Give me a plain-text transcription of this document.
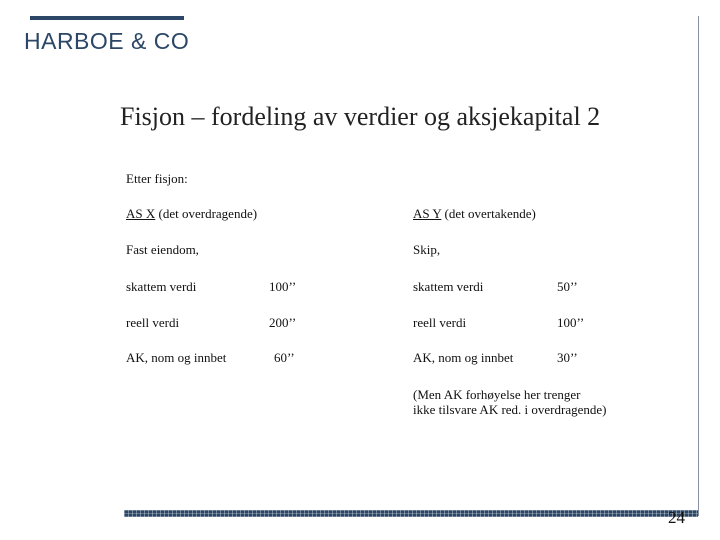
HARBOE & CO
Fisjon – fordeling av verdier og aksjekapital 2
Etter fisjon:
AS X (det overdragende)
Fast eiendom,
skattem verdi	100’’
reell verdi	200’’
AK, nom og innbet	60’’
AS Y (det overtakende)
Skip,
skattem verdi	50’’
reell verdi	100’’
AK, nom og innbet	30’’
(Men AK forhøyelse her trenger
ikke tilsvare AK red. i overdragende)
24
